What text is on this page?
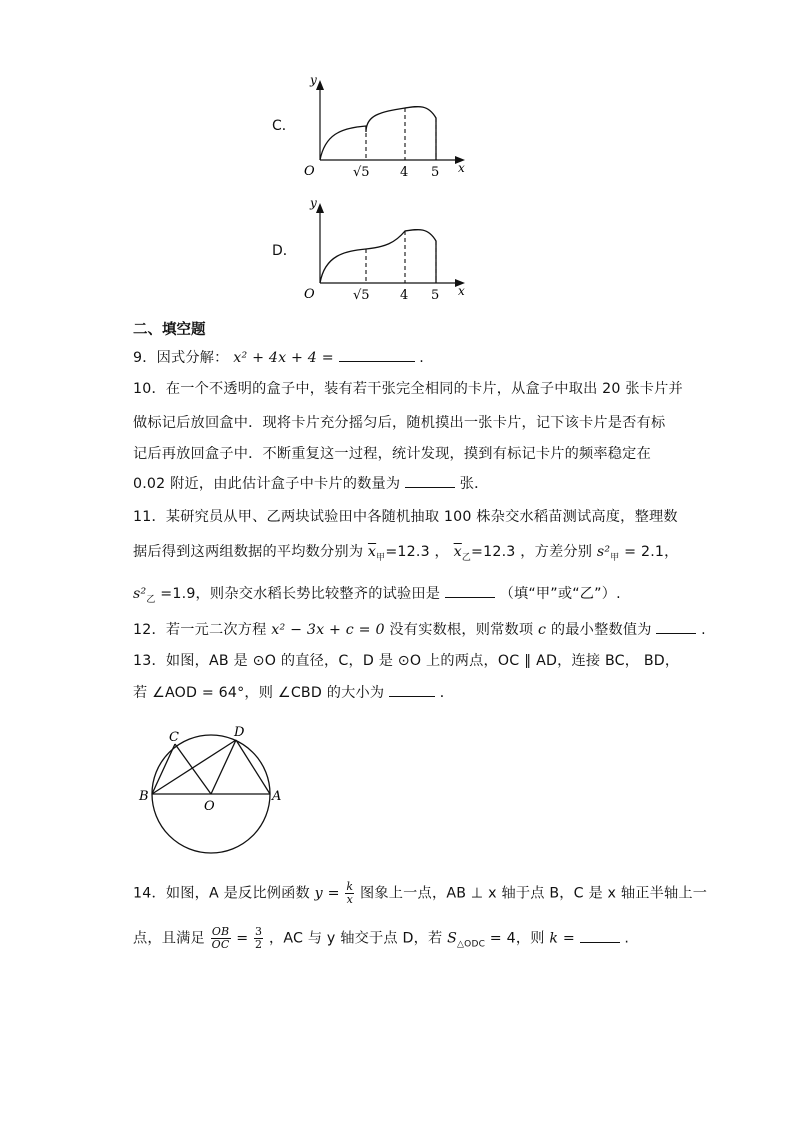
C．
y
x
O	√5 4 5
D．
y
x
O	√5 4 5
二、填空题
9．因式分解： x² + 4x + 4 =	.
10．在一个不透明的盒子中，装有若干张完全相同的卡片，从盒子中取出 20 张卡片并
做标记后放回盒中．现将卡片充分摇匀后，随机摸出一张卡片，记下该卡片是否有标
记后再放回盒子中．不断重复这一过程，统计发现，摸到有标记卡片的频率稳定在
0.02 附近，由此估计盒子中卡片的数量为	张．
11．某研究员从甲、乙两块试验田中各随机抽取 100 株杂交水稻苗测试高度，整理数
据后得到这两组数据的平均数分别为 $\overline{x}_甲=12.3$ ， $\overline{x}_乙=12.3$ ，方差分别 $s^2_甲 = 2.1$，
$s^2_乙 =1.9$，则杂交水稻长势比较整齐的试验田是	（填“甲”或“乙”）.
12．若一元二次方程 x² − 3x + c = 0 没有实数根，则常数项 c 的最小整数值为	.
13．如图，AB 是 ⊙O 的直径，C，D 是 ⊙O 上的两点，OC ∥ AD，连接 BC， BD，
若 ∠AOD = 64°，则 ∠CBD 的大小为	．
C	D
B
O
A
14．如图，A 是反比例函数 $y = \frac{k}{x}$ 图象上一点，AB ⊥ x 轴于点 B，C 是 x 轴正半轴上一
点，且满足 $\frac{OB}{OC} = \frac{3}{2}$ ，AC 与 y 轴交于点 D，若 $S_{\triangle ODC} = 4$，则 k =	.
